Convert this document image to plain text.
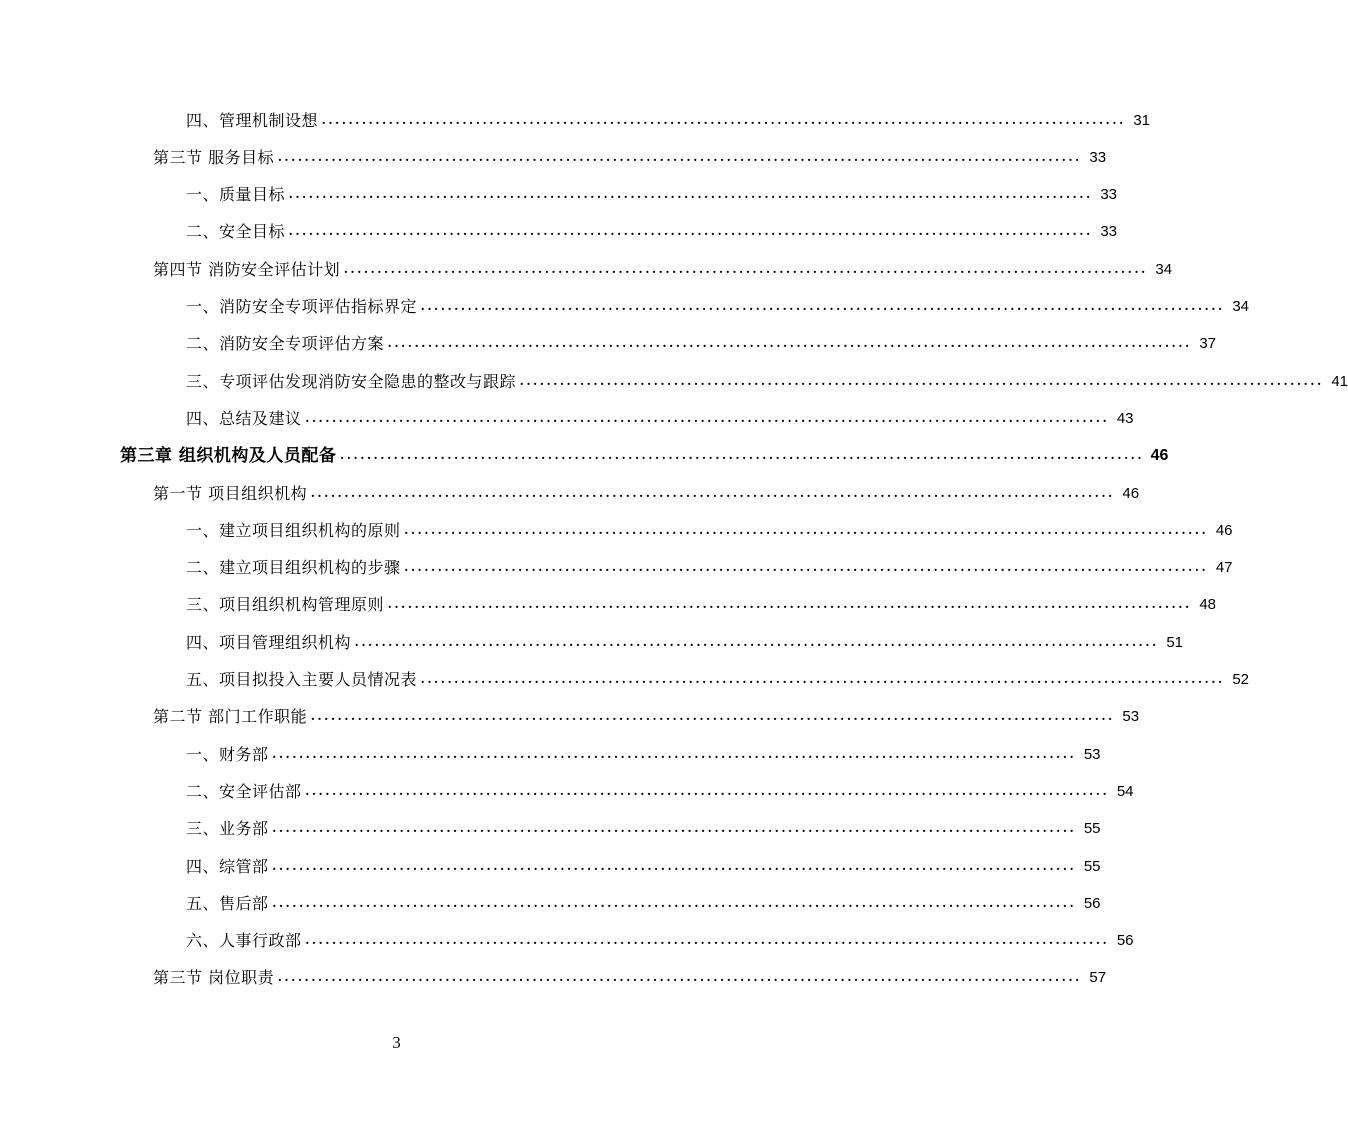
四、管理机制设想 ........................................................................................................................ 31
第三节 服务目标 ........................................................................................................................ 33
一、质量目标 ........................................................................................................................ 33
二、安全目标 ........................................................................................................................ 33
第四节 消防安全评估计划 ........................................................................................................................ 34
一、消防安全专项评估指标界定 ........................................................................................................................ 34
二、消防安全专项评估方案 ........................................................................................................................ 37
三、专项评估发现消防安全隐患的整改与跟踪 ........................................................................................................................ 41
四、总结及建议 ........................................................................................................................ 43
第三章 组织机构及人员配备 ........................................................................................................................ 46
第一节 项目组织机构 ........................................................................................................................ 46
一、建立项目组织机构的原则 ........................................................................................................................ 46
二、建立项目组织机构的步骤 ........................................................................................................................ 47
三、项目组织机构管理原则 ........................................................................................................................ 48
四、项目管理组织机构 ........................................................................................................................ 51
五、项目拟投入主要人员情况表 ........................................................................................................................ 52
第二节 部门工作职能 ........................................................................................................................ 53
一、财务部 ........................................................................................................................ 53
二、安全评估部 ........................................................................................................................ 54
三、业务部 ........................................................................................................................ 55
四、综管部 ........................................................................................................................ 55
五、售后部 ........................................................................................................................ 56
六、人事行政部 ........................................................................................................................ 56
第三节 岗位职责 ........................................................................................................................ 57
3
